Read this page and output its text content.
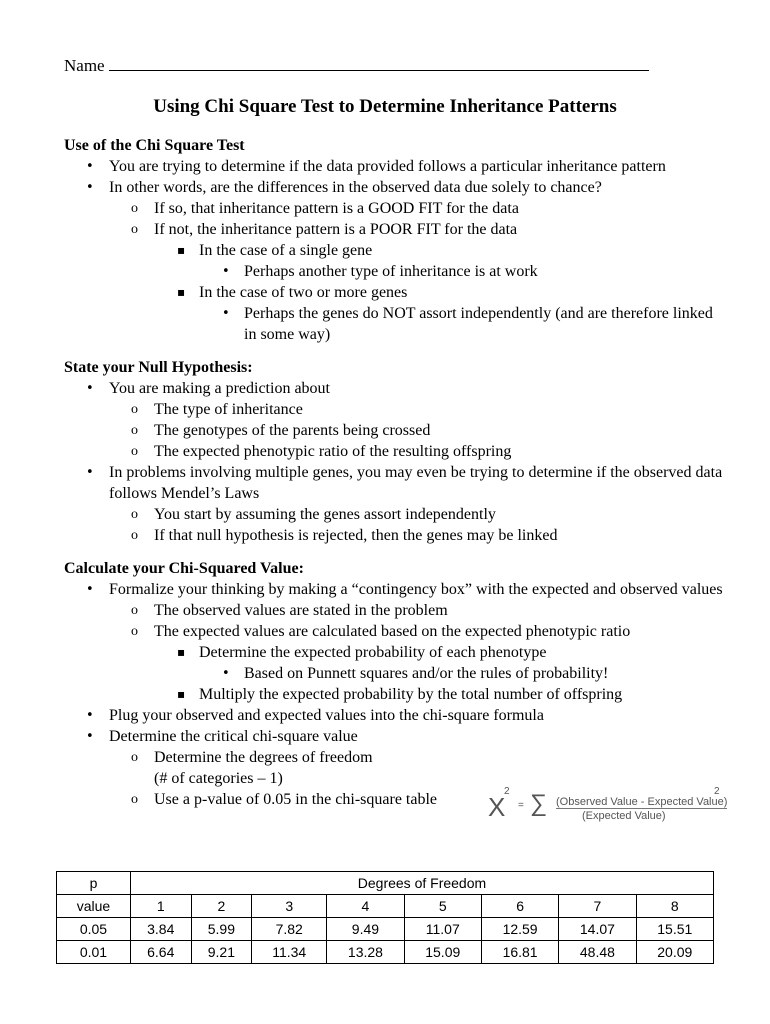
Name
Using Chi Square Test to Determine Inheritance Patterns
Use of the Chi Square Test
• You are trying to determine if the data provided follows a particular inheritance pattern
• In other words, are the differences in the observed data due solely to chance?
o If so, that inheritance pattern is a GOOD FIT for the data
o If not, the inheritance pattern is a POOR FIT for the data
▪ In the case of a single gene
• Perhaps another type of inheritance is at work
▪ In the case of two or more genes
• Perhaps the genes do NOT assort independently (and are therefore linked in some way)
State your Null Hypothesis:
• You are making a prediction about
o The type of inheritance
o The genotypes of the parents being crossed
o The expected phenotypic ratio of the resulting offspring
• In problems involving multiple genes, you may even be trying to determine if the observed data follows Mendel’s Laws
o You start by assuming the genes assort independently
o If that null hypothesis is rejected, then the genes may be linked
Calculate your Chi-Squared Value:
• Formalize your thinking by making a “contingency box” with the expected and observed values
o The observed values are stated in the problem
o The expected values are calculated based on the expected phenotypic ratio
▪ Determine the expected probability of each phenotype
• Based on Punnett squares and/or the rules of probability!
▪ Multiply the expected probability by the total number of offspring
• Plug your observed and expected values into the chi-square formula
• Determine the critical chi-square value
o Determine the degrees of freedom
(# of categories – 1)
o Use a p-value of 0.05 in the chi-square table	X
2
= ∑ (Observed Value - Expected Value)
(Expected Value)
2
p	Degrees of Freedom							
value	1	2	3	4	5	6	7	8
0.05	3.84	5.99	7.82	9.49	11.07	12.59	14.07	15.51
0.01	6.64	9.21	11.34	13.28	15.09	16.81	48.48	20.09
